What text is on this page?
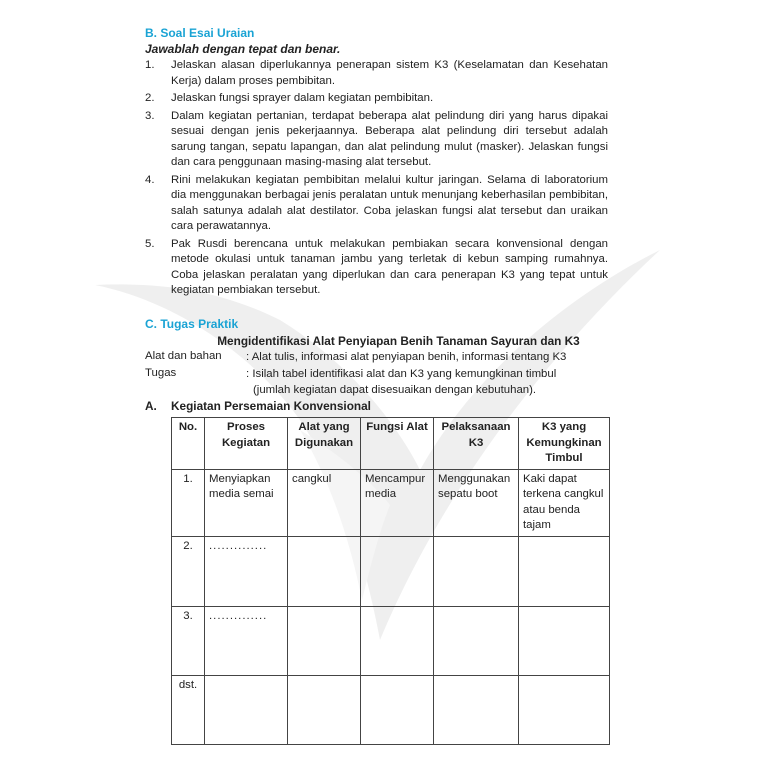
B. Soal Esai Uraian
Jawablah dengan tepat dan benar.
1. Jelaskan alasan diperlukannya penerapan sistem K3 (Keselamatan dan Kesehatan Kerja) dalam proses pembibitan.
2. Jelaskan fungsi sprayer dalam kegiatan pembibitan.
3. Dalam kegiatan pertanian, terdapat beberapa alat pelindung diri yang harus dipakai sesuai dengan jenis pekerjaannya. Beberapa alat pelindung diri tersebut adalah sarung tangan, sepatu lapangan, dan alat pelindung mulut (masker). Jelaskan fungsi dan cara penggunaan masing-masing alat tersebut.
4. Rini melakukan kegiatan pembibitan melalui kultur jaringan. Selama di laboratorium dia menggunakan berbagai jenis peralatan untuk menunjang keberhasilan pembibitan, salah satunya adalah alat destilator. Coba jelaskan fungsi alat tersebut dan uraikan cara perawatannya.
5. Pak Rusdi berencana untuk melakukan pembiakan secara konvensional dengan metode okulasi untuk tanaman jambu yang terletak di kebun samping rumahnya. Coba jelaskan peralatan yang diperlukan dan cara penerapan K3 yang tepat untuk kegiatan pembiakan tersebut.
C. Tugas Praktik
Mengidentifikasi Alat Penyiapan Benih Tanaman Sayuran dan K3
Alat dan bahan : Alat tulis, informasi alat penyiapan benih, informasi tentang K3
Tugas	: Isilah tabel identifikasi alat dan K3 yang kemungkinan timbul
(jumlah kegiatan dapat disesuaikan dengan kebutuhan).
A. Kegiatan Persemaian Konvensional
No.	Proses Kegiatan	Alat yang Digunakan	Fungsi Alat	Pelaksanaan K3	K3 yang Kemungkinan Timbul
1.	Menyiapkan media semai	cangkul	Mencampur media	Menggunakan sepatu boot	Kaki dapat terkena cangkul atau benda tajam
2.	..............				
3.	..............				
dst.					
